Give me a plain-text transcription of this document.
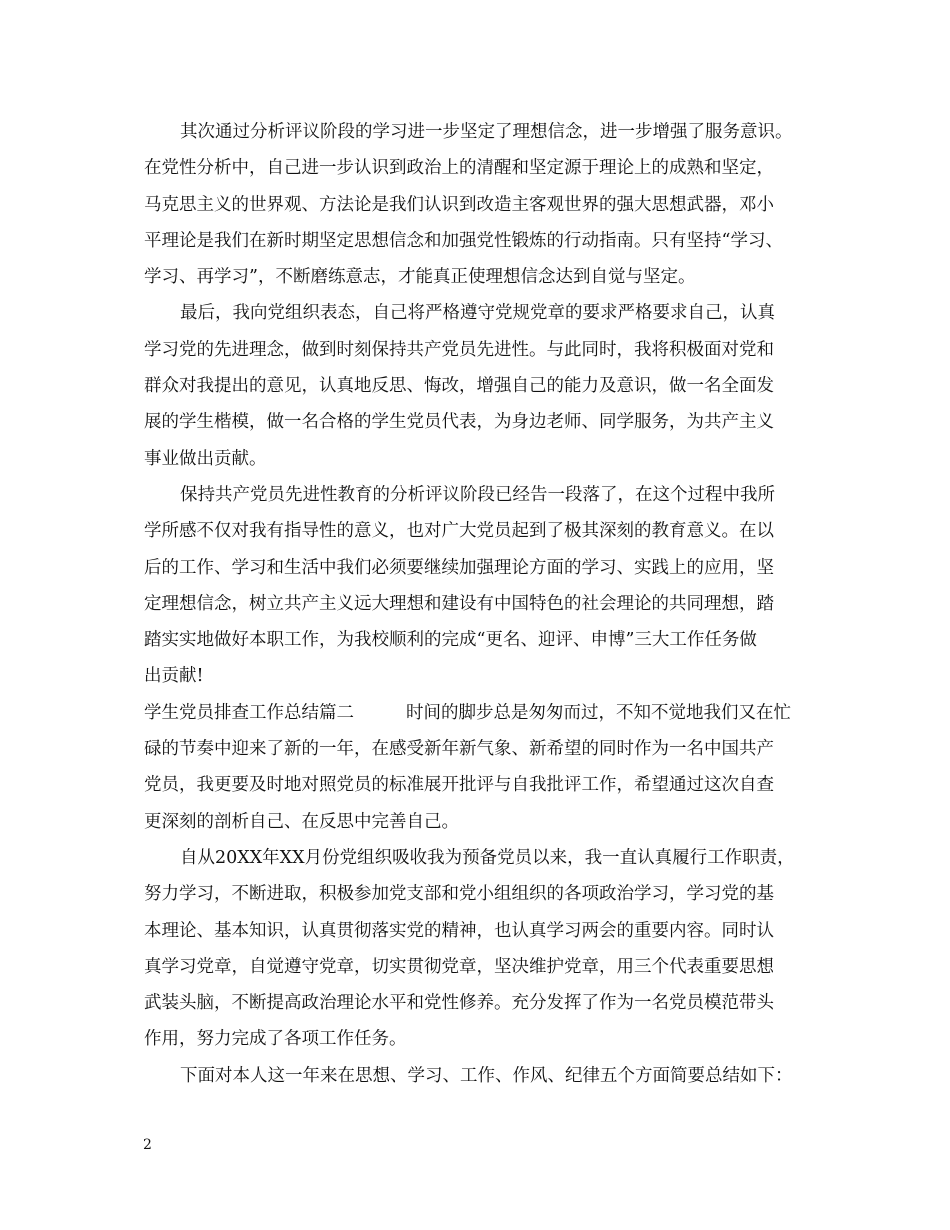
其次通过分析评议阶段的学习进一步坚定了理想信念，进一步增强了服务意识。
在党性分析中，自己进一步认识到政治上的清醒和坚定源于理论上的成熟和坚定，
马克思主义的世界观、方法论是我们认识到改造主客观世界的强大思想武器，邓小
平理论是我们在新时期坚定思想信念和加强党性锻炼的行动指南。只有坚持“学习、
学习、再学习”，不断磨练意志，才能真正使理想信念达到自觉与坚定。
最后，我向党组织表态，自己将严格遵守党规党章的要求严格要求自己，认真
学习党的先进理念，做到时刻保持共产党员先进性。与此同时，我将积极面对党和
群众对我提出的意见，认真地反思、悔改，增强自己的能力及意识，做一名全面发
展的学生楷模，做一名合格的学生党员代表，为身边老师、同学服务，为共产主义
事业做出贡献。
保持共产党员先进性教育的分析评议阶段已经告一段落了，在这个过程中我所
学所感不仅对我有指导性的意义，也对广大党员起到了极其深刻的教育意义。在以
后的工作、学习和生活中我们必须要继续加强理论方面的学习、实践上的应用，坚
定理想信念，树立共产主义远大理想和建设有中国特色的社会理论的共同理想，踏
踏实实地做好本职工作，为我校顺利的完成“更名、迎评、申博”三大工作任务做
出贡献!
学生党员排查工作总结篇二	时间的脚步总是匆匆而过，不知不觉地我们又在忙
碌的节奏中迎来了新的一年，在感受新年新气象、新希望的同时作为一名中国共产
党员，我更要及时地对照党员的标准展开批评与自我批评工作，希望通过这次自查
更深刻的剖析自己、在反思中完善自己。
自从20XX年XX月份党组织吸收我为预备党员以来，我一直认真履行工作职责，
努力学习，不断进取，积极参加党支部和党小组组织的各项政治学习，学习党的基
本理论、基本知识，认真贯彻落实党的精神，也认真学习两会的重要内容。同时认
真学习党章，自觉遵守党章，切实贯彻党章，坚决维护党章，用三个代表重要思想
武装头脑，不断提高政治理论水平和党性修养。充分发挥了作为一名党员模范带头
作用，努力完成了各项工作任务。
下面对本人这一年来在思想、学习、工作、作风、纪律五个方面简要总结如下：
2
